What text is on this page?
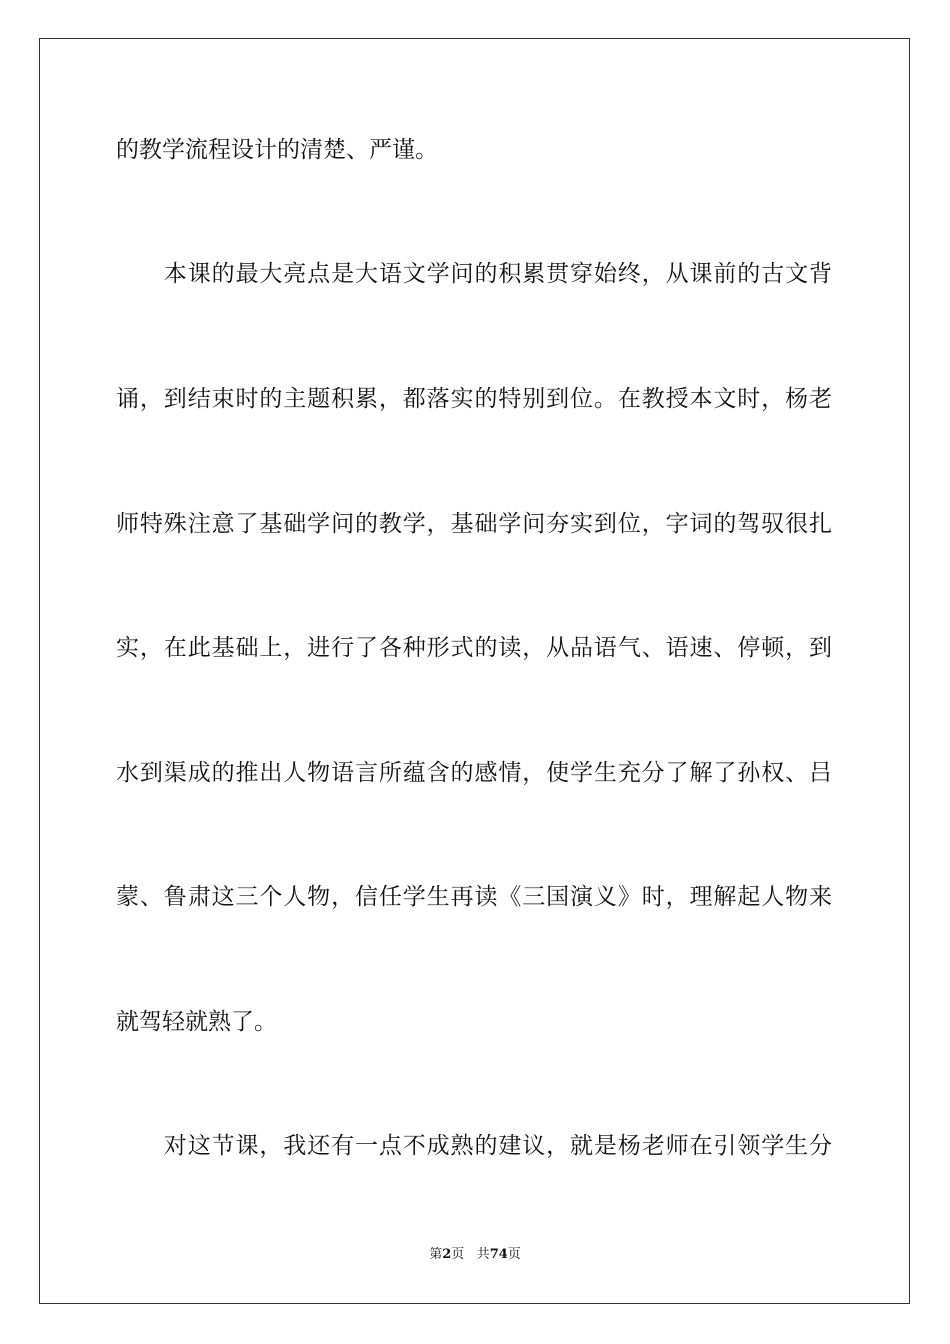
的教学流程设计的清楚、严谨。
　　本课的最大亮点是大语文学问的积累贯穿始终，从课前的古文背
诵，到结束时的主题积累，都落实的特别到位。在教授本文时，杨老
师特殊注意了基础学问的教学，基础学问夯实到位，字词的驾驭很扎
实，在此基础上，进行了各种形式的读，从品语气、语速、停顿，到
水到渠成的推出人物语言所蕴含的感情，使学生充分了解了孙权、吕
蒙、鲁肃这三个人物，信任学生再读《三国演义》时，理解起人物来
就驾轻就熟了。
　　对这节课，我还有一点不成熟的建议，就是杨老师在引领学生分
第2页 共74页
